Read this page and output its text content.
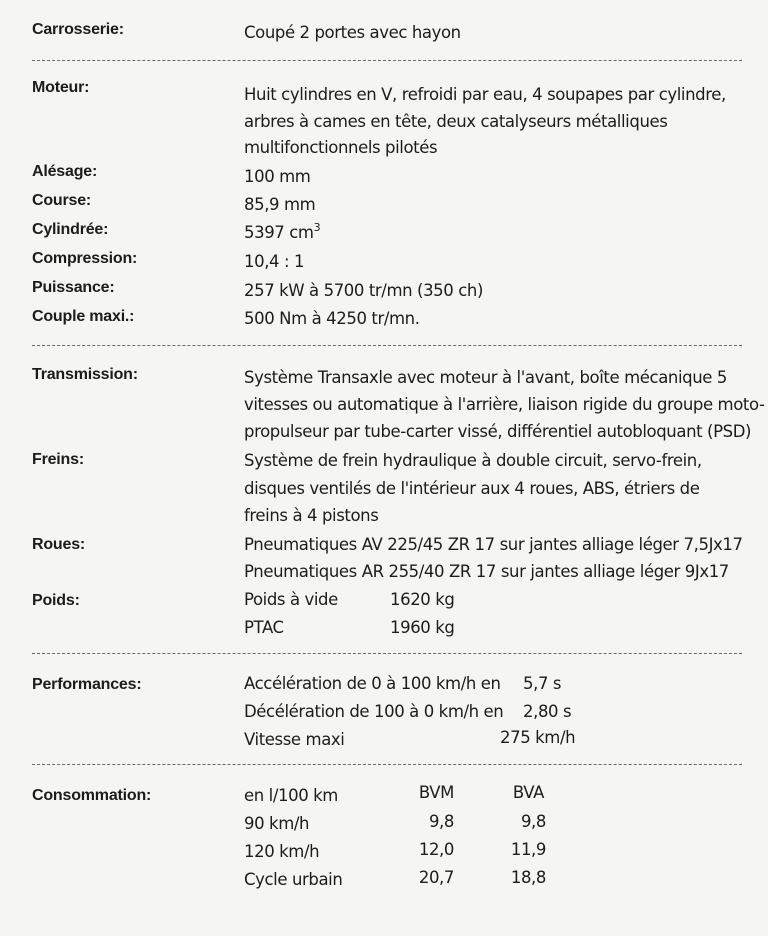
Carrosserie:	Coupé 2 portes avec hayon
Moteur:	Huit cylindres en V, refroidi par eau, 4 soupapes par cylindre,
arbres à cames en tête, deux catalyseurs métalliques
multifonctionnels pilotés
Alésage:	100 mm
Course:	85,9 mm
Cylindrée:	5397 $cm^3$
Compression:	10,4 : 1
Puissance:	257 kW à 5700 tr/mn (350 ch)
Couple maxi.:	500 Nm à 4250 tr/mn.
Transmission:	Système Transaxle avec moteur à l'avant, boîte mécanique 5
vitesses ou automatique à l'arrière, liaison rigide du groupe moto-
propulseur par tube-carter vissé, différentiel autobloquant (PSD)
Freins:	Système de frein hydraulique à double circuit, servo-frein,
disques ventilés de l'intérieur aux 4 roues, ABS, étriers de
freins à 4 pistons
Roues:	Pneumatiques AV 225/45 ZR 17 sur jantes alliage léger 7,5Jx17
Pneumatiques AR 255/40 ZR 17 sur jantes alliage léger 9Jx17
Poids:	Poids à vide	1620 kg
PTAC	1960 kg
Performances:	Accélération de 0 à 100 km/h en 5,7 s
Décélération de 100 à 0 km/h en 2,80 s
Vitesse maxi	275 km/h
Consommation:	en l/100 km	BVM	BVA
90 km/h	9,8	9,8
120 km/h	12,0	11,9
Cycle urbain	20,7	18,8
